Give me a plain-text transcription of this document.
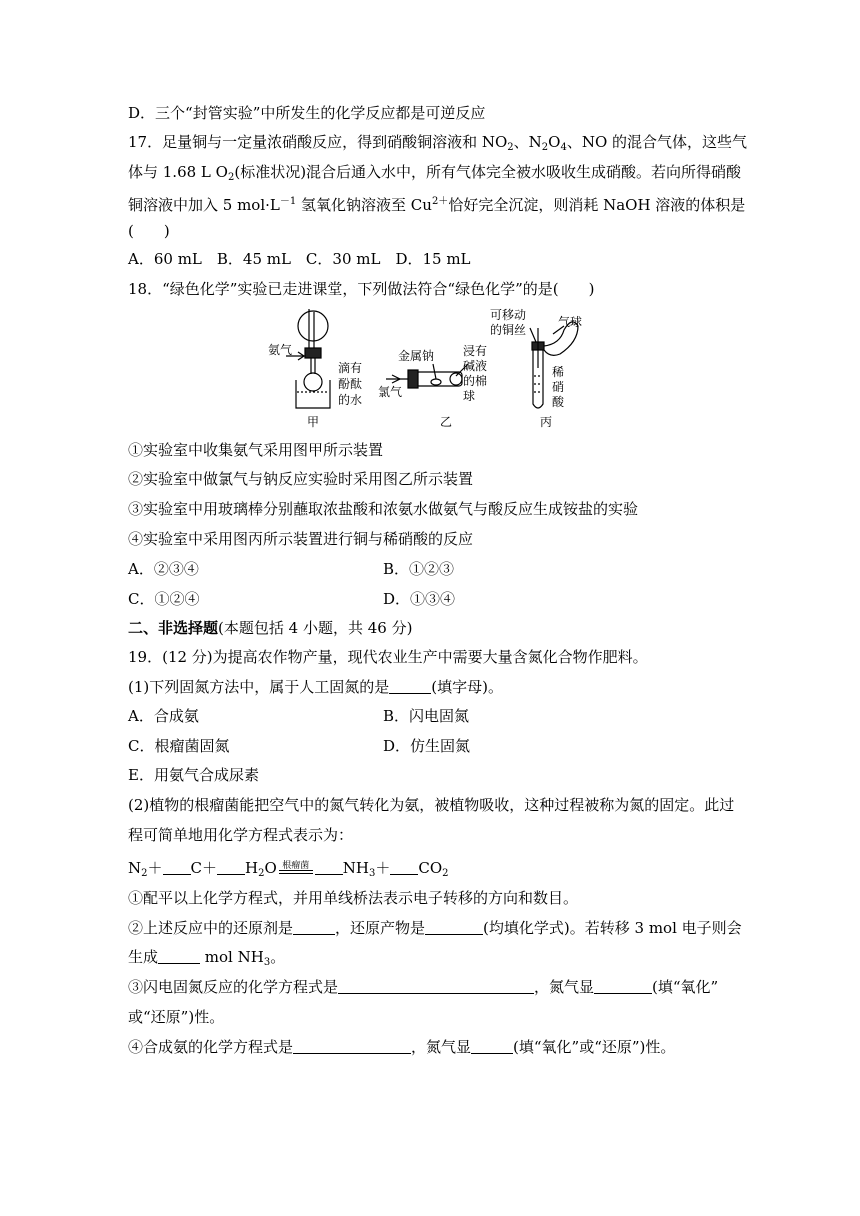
D．三个“封管实验”中所发生的化学反应都是可逆反应
17．足量铜与一定量浓硝酸反应，得到硝酸铜溶液和 $NO_2$、$N_2O_4$、NO 的混合气体，这些气
体与 1.68 L $O_2$(标准状况)混合后通入水中，所有气体完全被水吸收生成硝酸。若向所得硝酸
铜溶液中加入 5 $mol\cdot L^{-1}$ 氢氧化钠溶液至 $Cu^{2+}$恰好完全沉淀，则消耗 NaOH 溶液的体积是
(　　)
A．60 mL　B．45 mL　C．30 mL　D．15 mL
18．“绿色化学”实验已走进课堂，下列做法符合“绿色化学”的是(　　)
氨气
滴有
酚酞
的水
甲
金属钠
氯气
浸有
碱液
的棉
球
乙
可移动
的铜丝
气球
稀
硝
酸
丙
①实验室中收集氨气采用图甲所示装置
②实验室中做氯气与钠反应实验时采用图乙所示装置
③实验室中用玻璃棒分别蘸取浓盐酸和浓氨水做氨气与酸反应生成铵盐的实验
④实验室中采用图丙所示装置进行铜与稀硝酸的反应
A．②③④	B．①②③
C．①②④	D．①③④
二、非选择题(本题包括 4 小题，共 46 分)
19．(12 分)为提高农作物产量，现代农业生产中需要大量含氮化合物作肥料。
(1)下列固氮方法中，属于人工固氮的是	(填字母)。
A．合成氨	B．闪电固氮
C．根瘤菌固氮	D．仿生固氮
E．用氨气合成尿素
(2)植物的根瘤菌能把空气中的氮气转化为氨，被植物吸收，这种过程被称为氮的固定。此过
程可简单地用化学方程式表示为：
$N_2+ C+ H_2O$ 根瘤菌	$NH_3+ CO_2$
①配平以上化学方程式，并用单线桥法表示电子转移的方向和数目。
②上述反应中的还原剂是	，还原产物是	(均填化学式)。若转移 3 mol 电子则会
生成	mol $NH_3$。
③闪电固氮反应的化学方程式是	，氮气显	(填“氧化”
或“还原”)性。
④合成氨的化学方程式是	，氮气显	(填“氧化”或“还原”)性。
